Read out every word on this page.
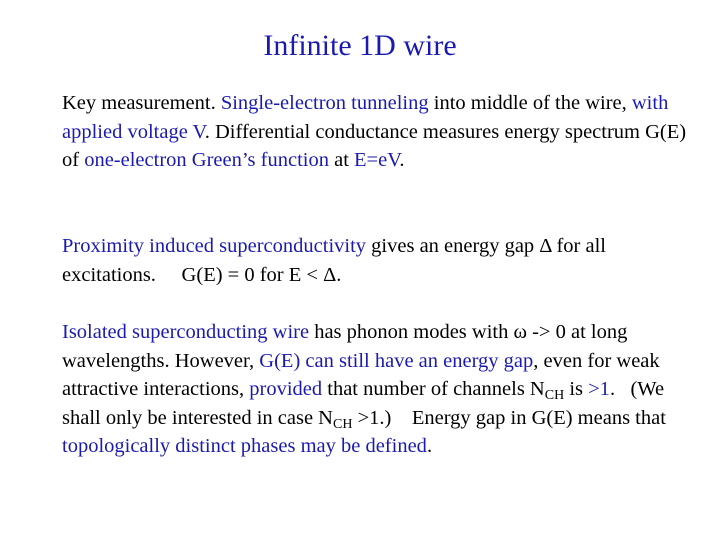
Infinite 1D wire

Key measurement. Single-electron tunneling into middle of the wire, with applied voltage V. Differential conductance measures energy spectrum G(E) of one-electron Green’s function at E=eV.

Proximity induced superconductivity gives an energy gap Δ for all excitations.     G(E) = 0 for E < Δ.

Isolated superconducting wire has phonon modes with ω -> 0 at long wavelengths. However, G(E) can still have an energy gap, even for weak attractive interactions, provided that number of channels $N_{CH}$ is >1.   (We shall only be interested in case $N_{CH} >1$.)    Energy gap in G(E) means that topologically distinct phases may be defined.
